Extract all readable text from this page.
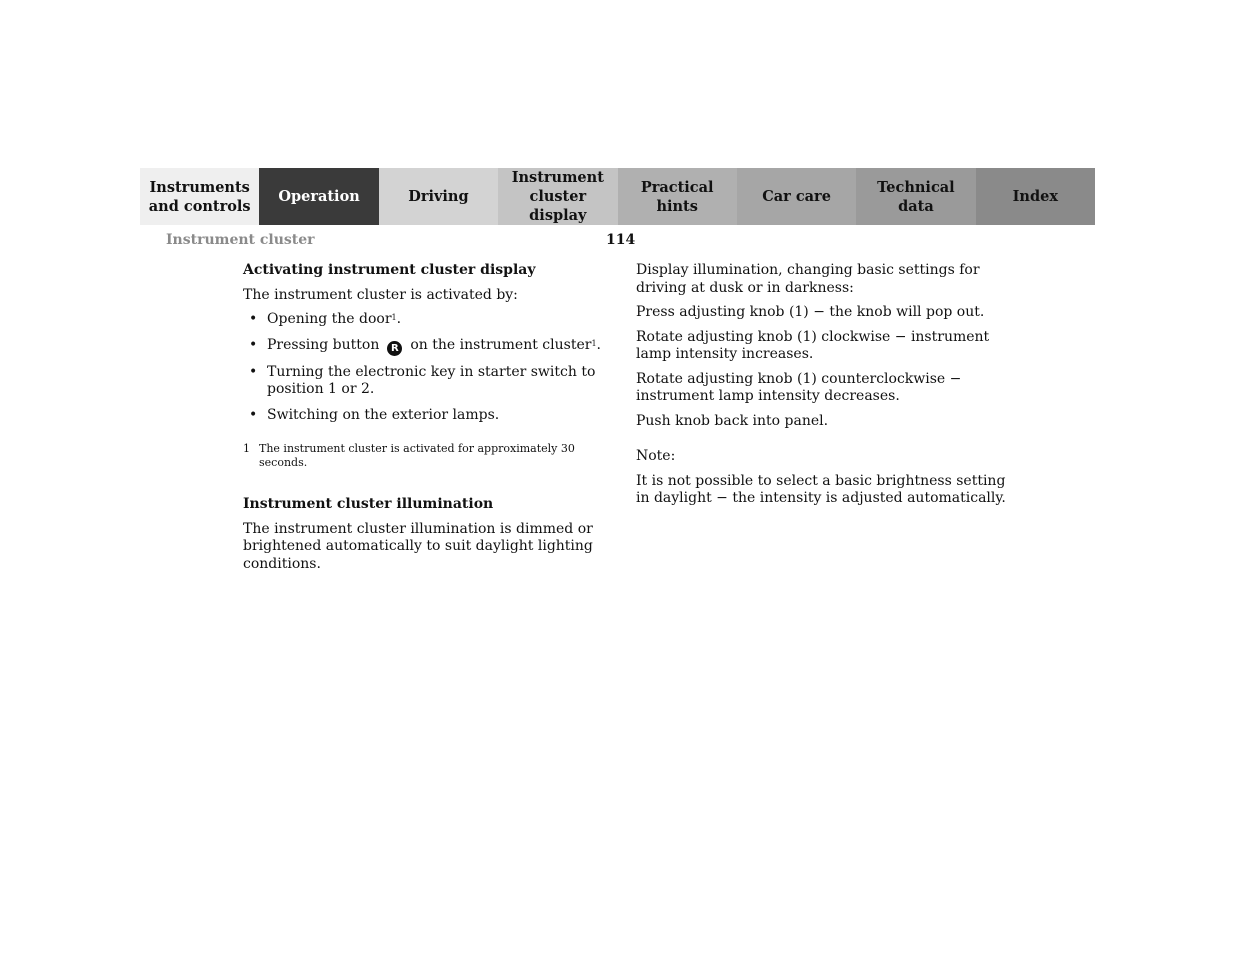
Instruments
and controls
Operation	Driving
Instrument
cluster display
Practical hints
Car care
Technical
data
Index
Instrument cluster	114
Activating instrument cluster display

The instrument cluster is activated by:

• Opening the door$^1$.
• Pressing button R on the instrument cluster$^1$.
• Turning the electronic key in starter switch to position 1 or 2.
• Switching on the exterior lamps.
1 The instrument cluster is activated for approximately 30 seconds.
Instrument cluster illumination

The instrument cluster illumination is dimmed or brightened automatically to suit daylight lighting conditions.

Display illumination, changing basic settings for driving at dusk or in darkness:

Press adjusting knob (1) − the knob will pop out.

Rotate adjusting knob (1) clockwise − instrument lamp intensity increases.

Rotate adjusting knob (1) counterclockwise − instrument lamp intensity decreases.

Push knob back into panel.

Note:

It is not possible to select a basic brightness setting in daylight − the intensity is adjusted automatically.
